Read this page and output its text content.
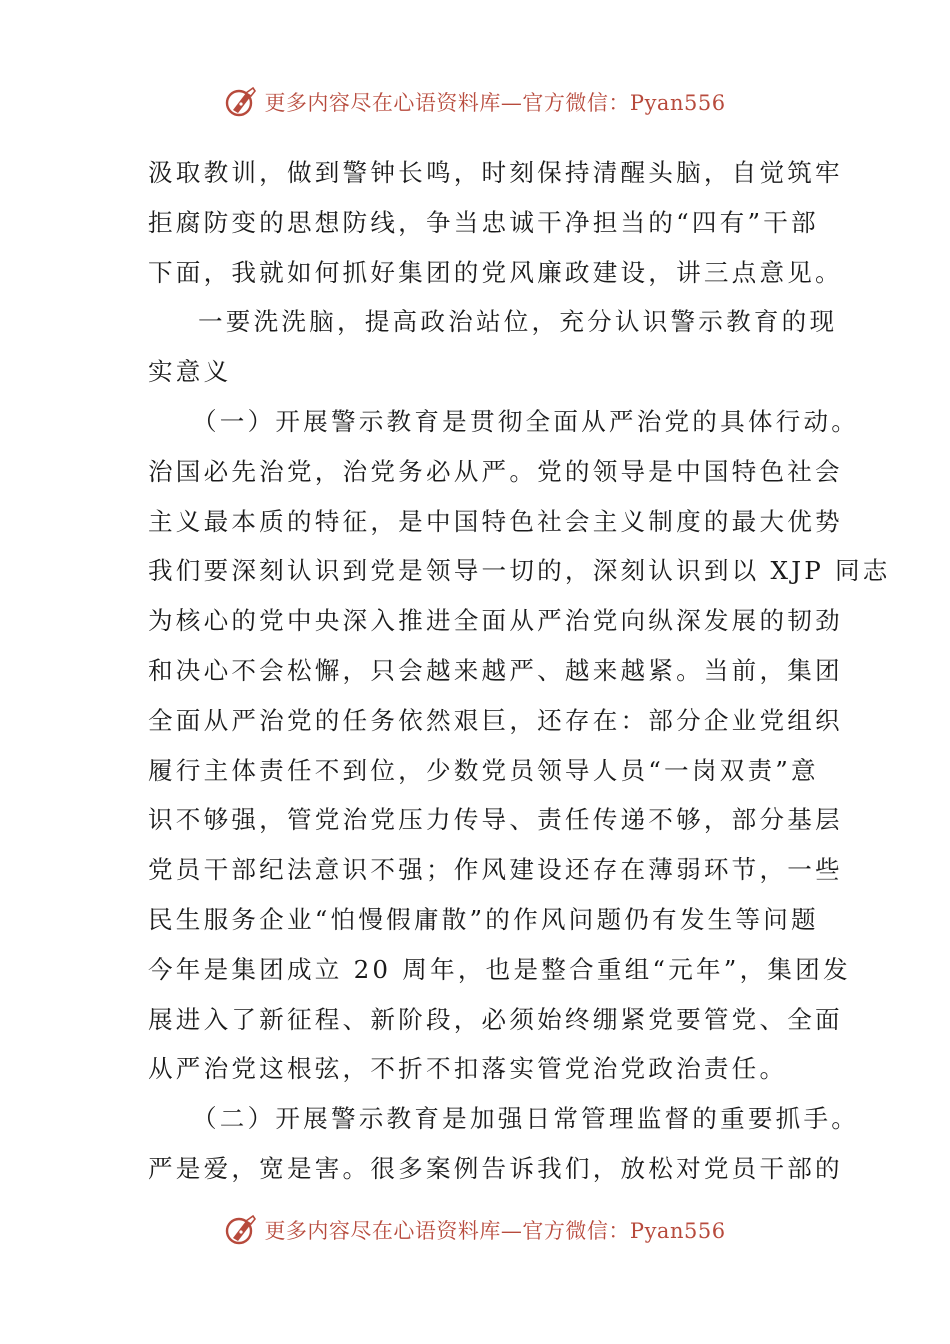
更多内容尽在心语资料库—官方微信：Pyan556
汲取教训，做到警钟长鸣，时刻保持清醒头脑，自觉筑牢
拒腐防变的思想防线，争当忠诚干净担当的“四有”干部
下面，我就如何抓好集团的党风廉政建设，讲三点意见。
一要洗洗脑，提高政治站位，充分认识警示教育的现
实意义
（一）开展警示教育是贯彻全面从严治党的具体行动。
治国必先治党，治党务必从严。党的领导是中国特色社会
主义最本质的特征，是中国特色社会主义制度的最大优势
我们要深刻认识到党是领导一切的，深刻认识到以 XJP 同志
为核心的党中央深入推进全面从严治党向纵深发展的韧劲
和决心不会松懈，只会越来越严、越来越紧。当前，集团
全面从严治党的任务依然艰巨，还存在：部分企业党组织
履行主体责任不到位，少数党员领导人员“一岗双责”意
识不够强，管党治党压力传导、责任传递不够，部分基层
党员干部纪法意识不强；作风建设还存在薄弱环节，一些
民生服务企业“怕慢假庸散”的作风问题仍有发生等问题
今年是集团成立 20 周年，也是整合重组“元年”，集团发
展进入了新征程、新阶段，必须始终绷紧党要管党、全面
从严治党这根弦，不折不扣落实管党治党政治责任。
（二）开展警示教育是加强日常管理监督的重要抓手。
严是爱，宽是害。很多案例告诉我们，放松对党员干部的
更多内容尽在心语资料库—官方微信：Pyan556
